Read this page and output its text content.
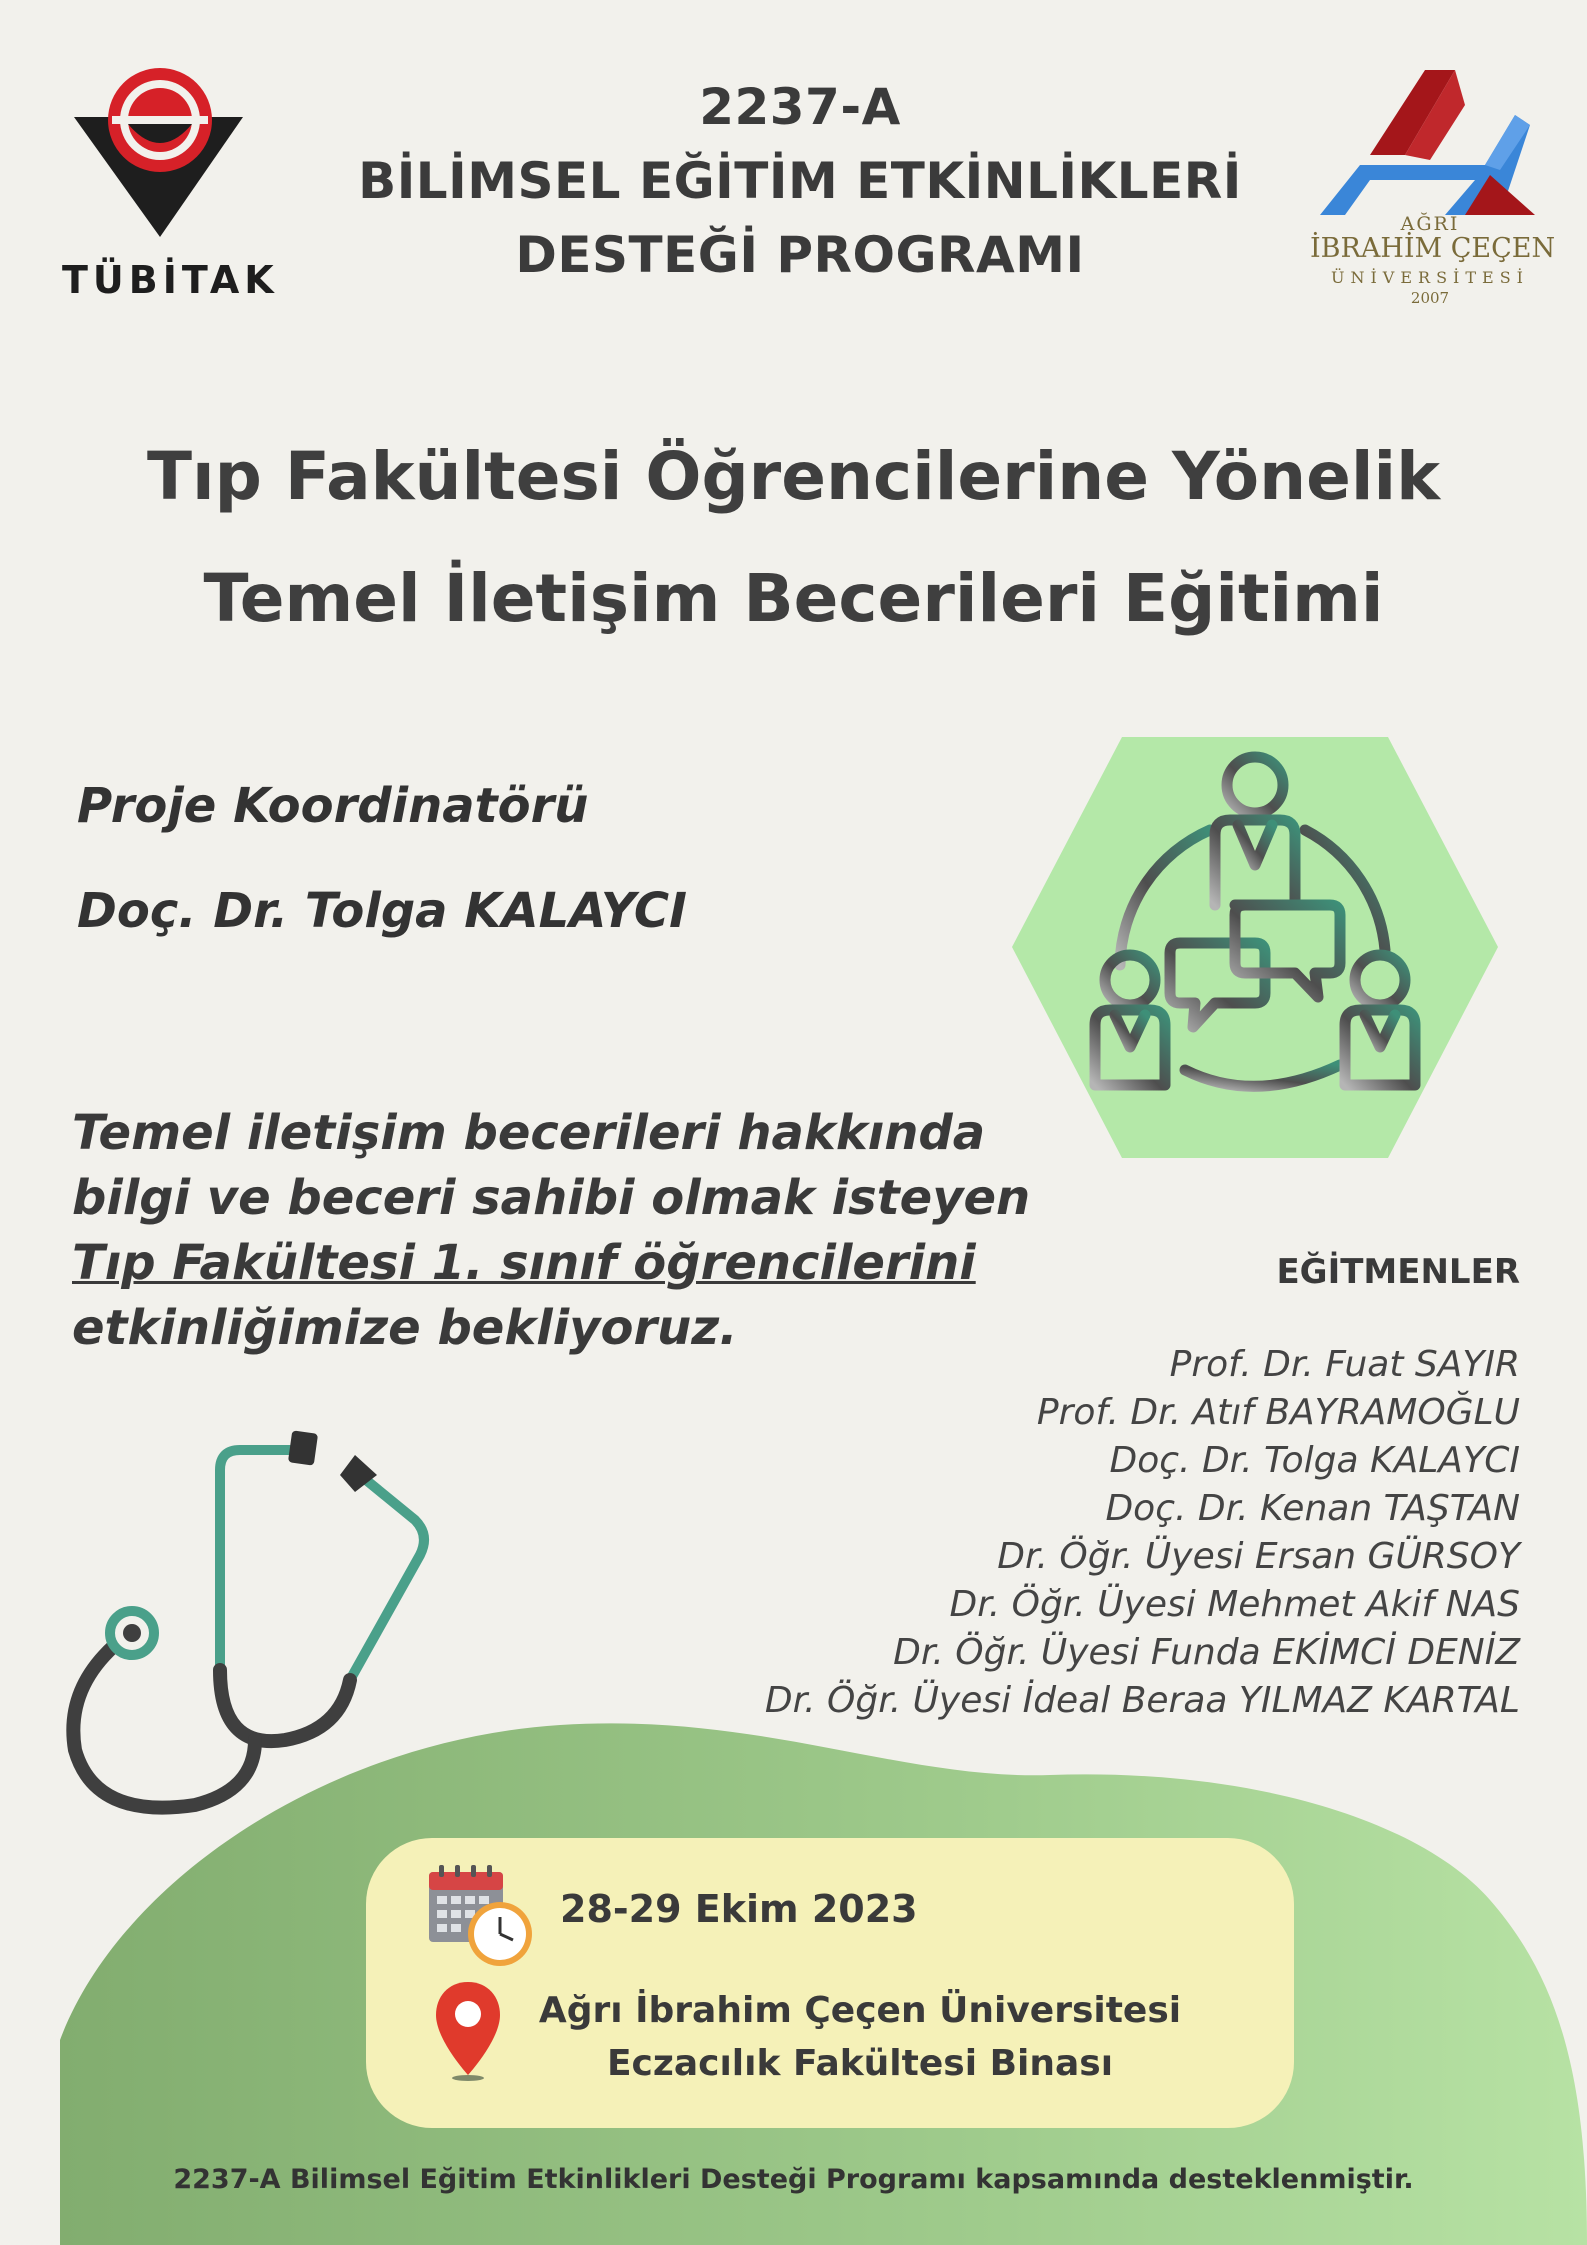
TÜBİTAK
AĞRI
İBRAHİM ÇEÇEN
ÜNİVERSİTESİ
2007
2237-A
BİLİMSEL EĞİTİM ETKİNLİKLERİ
DESTEĞİ PROGRAMI
Tıp Fakültesi Öğrencilerine Yönelik
Temel İletişim Becerileri Eğitimi
Proje Koordinatörü
Doç. Dr. Tolga KALAYCI
Temel iletişim becerileri hakkında
bilgi ve beceri sahibi olmak isteyen
Tıp Fakültesi 1. sınıf öğrencilerini
etkinliğimize bekliyoruz.
EĞİTMENLER
Prof. Dr. Fuat SAYIR
Prof. Dr. Atıf BAYRAMOĞLU
Doç. Dr. Tolga KALAYCI
Doç. Dr. Kenan TAŞTAN
Dr. Öğr. Üyesi Ersan GÜRSOY
Dr. Öğr. Üyesi Mehmet Akif NAS
Dr. Öğr. Üyesi Funda EKİMCİ DENİZ
Dr. Öğr. Üyesi İdeal Beraa YILMAZ KARTAL
28-29 Ekim 2023
Ağrı İbrahim Çeçen Üniversitesi
Eczacılık Fakültesi Binası
2237-A Bilimsel Eğitim Etkinlikleri Desteği Programı kapsamında desteklenmiştir.
